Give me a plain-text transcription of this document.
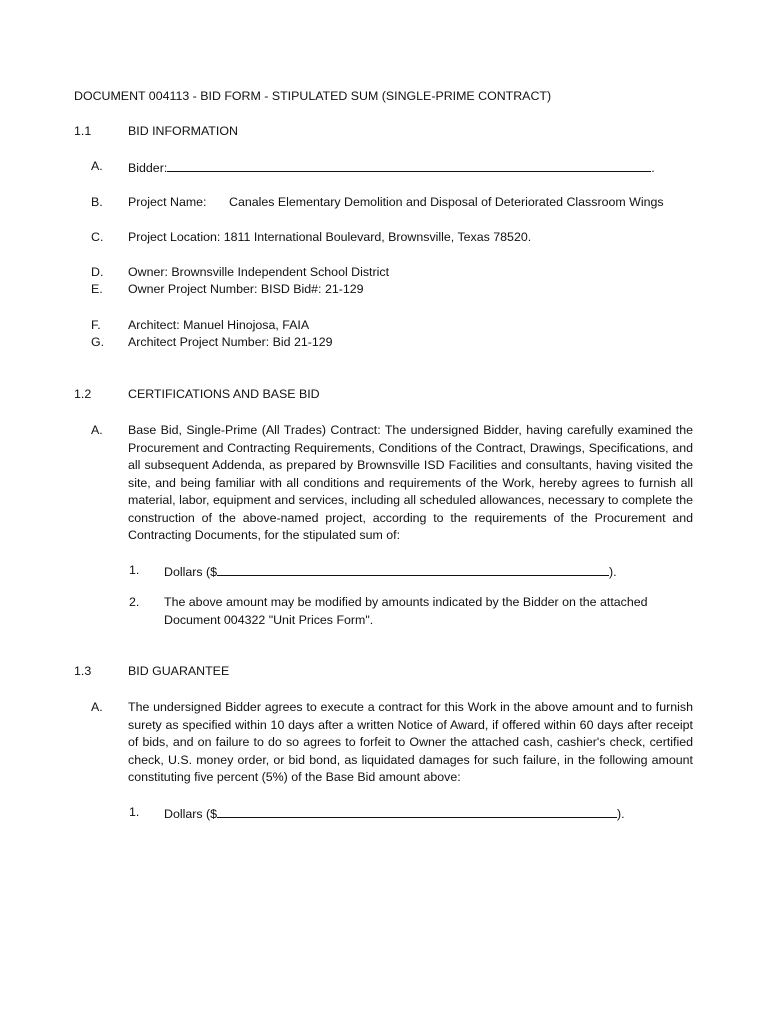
DOCUMENT 004113 - BID FORM - STIPULATED SUM (SINGLE-PRIME CONTRACT)
1.1	BID INFORMATION
A. Bidder:	.
B. Project Name: Canales Elementary Demolition and Disposal of Deteriorated Classroom Wings
C. Project Location: 1811 International Boulevard, Brownsville, Texas 78520.
D. Owner: Brownsville Independent School District
E. Owner Project Number: BISD Bid#: 21-129
F. Architect: Manuel Hinojosa, FAIA
G. Architect Project Number: Bid 21-129
1.2	CERTIFICATIONS AND BASE BID
A. Base Bid, Single-Prime (All Trades) Contract: The undersigned Bidder, having carefully examined the Procurement and Contracting Requirements, Conditions of the Contract, Drawings, Specifications, and all subsequent Addenda, as prepared by Brownsville ISD Facilities and consultants, having visited the site, and being familiar with all conditions and requirements of the Work, hereby agrees to furnish all material, labor, equipment and services, including all scheduled allowances, necessary to complete the construction of the above-named project, according to the requirements of the Procurement and Contracting Documents, for the stipulated sum of:
1. Dollars ($	).
2. The above amount may be modified by amounts indicated by the Bidder on the attached Document 004322 "Unit Prices Form".
1.3	BID GUARANTEE
A. The undersigned Bidder agrees to execute a contract for this Work in the above amount and to furnish surety as specified within 10 days after a written Notice of Award, if offered within 60 days after receipt of bids, and on failure to do so agrees to forfeit to Owner the attached cash, cashier's check, certified check, U.S. money order, or bid bond, as liquidated damages for such failure, in the following amount constituting five percent (5%) of the Base Bid amount above:
1. Dollars ($	).
